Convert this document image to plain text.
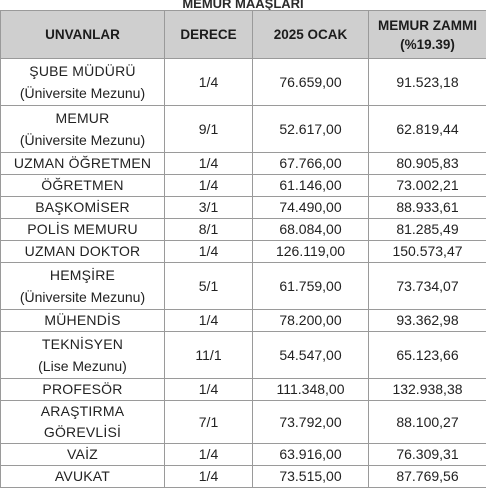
MEMUR MAAŞLARI
UNVANLAR	DERECE	2025 OCAK	MEMUR ZAMMI
(%19.39)

ŞUBE MÜDÜRÜ
(Üniversite Mezunu)	1/4	76.659,00	91.523,18

MEMUR
(Üniversite Mezunu)	9/1	52.617,00	62.819,44

UZMAN ÖĞRETMEN	1/4	67.766,00	80.905,83

ÖĞRETMEN	1/4	61.146,00	73.002,21

BAŞKOMİSER	3/1	74.490,00	88.933,61

POLİS MEMURU	8/1	68.084,00	81.285,49

UZMAN DOKTOR	1/4	126.119,00	150.573,47

HEMŞİRE
(Üniversite Mezunu)	5/1	61.759,00	73.734,07

MÜHENDİS	1/4	78.200,00	93.362,98

TEKNİSYEN
(Lise Mezunu)	11/1	54.547,00	65.123,66

PROFESÖR	1/4	111.348,00	132.938,38

ARAŞTIRMA GÖREVLİSİ	7/1	73.792,00	88.100,27

VAİZ	1/4	63.916,00	76.309,31

AVUKAT	1/4	73.515,00	87.769,56
